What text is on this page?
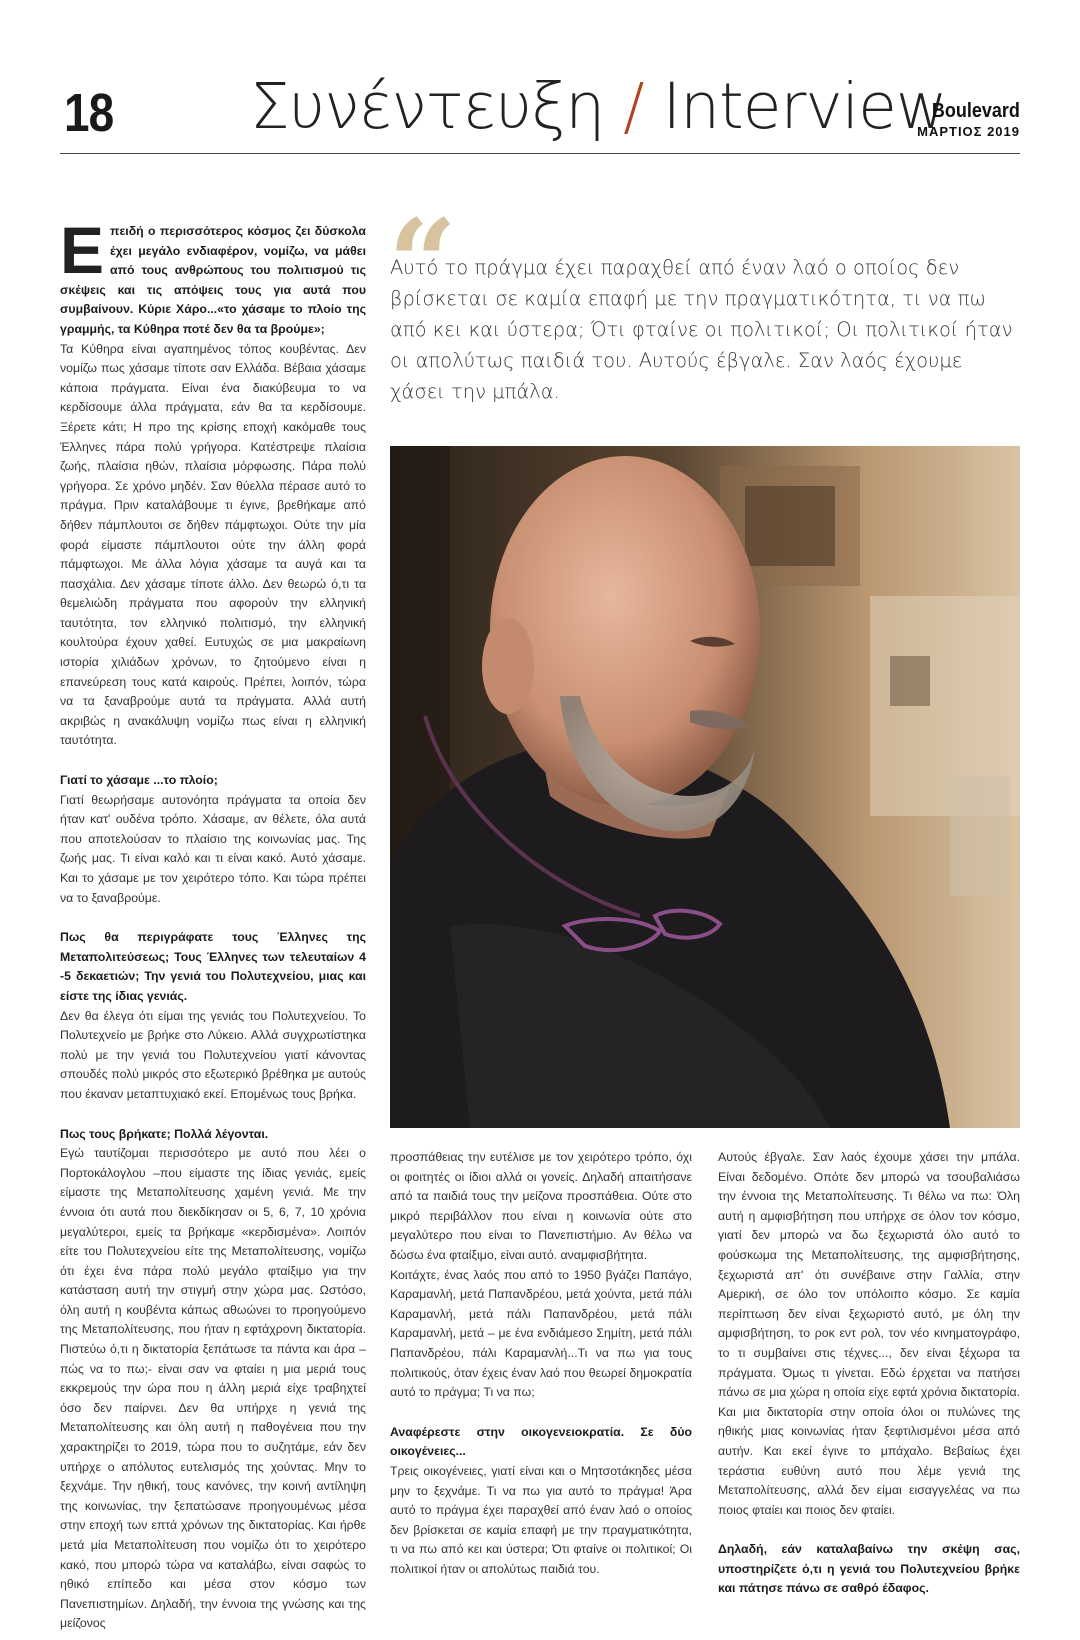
18 Συνέντευξη / Interview
Boulevard
ΜΑΡΤΙΟΣ 2019
Ε πειδή ο περισσότερος κόσμος ζει δύσκολα έχει μεγάλο ενδιαφέρον, νομίζω, να μάθει από τους ανθρώπους του πολιτισμού τις σκέψεις και τις απόψεις τους για αυτά που συμβαίνουν. Κύριε Χάρο...«το χάσαμε το πλοίο της γραμμής, τα Κύθηρα ποτέ δεν θα τα βρούμε»;

Τα Κύθηρα είναι αγαπημένος τόπος κουβέντας. Δεν νομίζω πως χάσαμε τίποτε σαν Ελλάδα. Βέβαια χάσαμε κάποια πράγματα. Είναι ένα διακύβευμα το να κερδίσουμε άλλα πράγματα, εάν θα τα κερδίσουμε. Ξέρετε κάτι; Η προ της κρίσης εποχή κακόμαθε τους Έλληνες πάρα πολύ γρήγορα. Κατέστρεψε πλαίσια ζωής, πλαίσια ηθών, πλαίσια μόρφωσης. Πάρα πολύ γρήγορα. Σε χρόνο μηδέν. Σαν θύελλα πέρασε αυτό το πράγμα. Πριν καταλάβουμε τι έγινε, βρεθήκαμε από δήθεν πάμπλουτοι σε δήθεν πάμφτωχοι. Ούτε την μία φορά είμαστε πάμπλουτοι ούτε την άλλη φορά πάμφτωχοι. Με άλλα λόγια χάσαμε τα αυγά και τα πασχάλια. Δεν χάσαμε τίποτε άλλο. Δεν θεωρώ ό,τι τα θεμελιώδη πράγματα που αφορούν την ελληνική ταυτότητα, τον ελληνικό πολιτισμό, την ελληνική κουλτούρα έχουν χαθεί. Ευτυχώς σε μια μακραίωνη ιστορία χιλιάδων χρόνων, το ζητούμενο είναι η επανεύρεση τους κατά καιρούς. Πρέπει, λοιπόν, τώρα να τα ξαναβρούμε αυτά τα πράγματα. Αλλά αυτή ακριβώς η ανακάλυψη νομίζω πως είναι η ελληνική ταυτότητα.

Γιατί το χάσαμε ...το πλοίο;

Γιατί θεωρήσαμε αυτονόητα πράγματα τα οποία δεν ήταν κατ' ουδένα τρόπο. Χάσαμε, αν θέλετε, όλα αυτά που αποτελούσαν το πλαίσιο της κοινωνίας μας. Της ζωής μας. Τι είναι καλό και τι είναι κακό. Αυτό χάσαμε. Και το χάσαμε με τον χειρότερο τόπο. Και τώρα πρέπει να το ξαναβρούμε.

Πως θα περιγράφατε τους Έλληνες της Μεταπολιτεύσεως; Τους Έλληνες των τελευταίων 4 -5 δεκαετιών; Την γενιά του Πολυτεχνείου, μιας και είστε της ίδιας γενιάς.

Δεν θα έλεγα ότι είμαι της γενιάς του Πολυτεχνείου. Το Πολυτεχνείο με βρήκε στο Λύκειο. Αλλά συγχρωτίστηκα πολύ με την γενιά του Πολυτεχνείου γιατί κάνοντας σπουδές πολύ μικρός στο εξωτερικό βρέθηκα με αυτούς που έκαναν μεταπτυχιακό εκεί. Επομένως τους βρήκα.

Πως τους βρήκατε; Πολλά λέγονται.

Εγώ ταυτίζομαι περισσότερο με αυτό που λέει ο Πορτοκάλογλου –που είμαστε της ίδιας γενιάς, εμείς είμαστε της Μεταπολίτευσης χαμένη γενιά. Με την έννοια ότι αυτά που διεκδίκησαν οι 5, 6, 7, 10 χρόνια μεγαλύτεροι, εμείς τα βρήκαμε «κερδισμένα». Λοιπόν είτε του Πολυτεχνείου είτε της Μεταπολίτευσης, νομίζω ότι έχει ένα πάρα πολύ μεγάλο φταίξιμο για την κατάσταση αυτή την στιγμή στην χώρα μας. Ωστόσο, όλη αυτή η κουβέντα κάπως αθωώνει το προηγούμενο της Μεταπολίτευσης, που ήταν η εφτάχρονη δικτατορία. Πιστεύω ό,τι η δικτατορία ξεπάτωσε τα πάντα και άρα –πώς να το πω;- είναι σαν να φταίει η μια μεριά τους εκκρεμούς την ώρα που η άλλη μεριά είχε τραβηχτεί όσο δεν παίρνει. Δεν θα υπήρχε η γενιά της Μεταπολίτευσης και όλη αυτή η παθογένεια που την χαρακτηρίζει το 2019, τώρα που το συζητάμε, εάν δεν υπήρχε ο απόλυτος ευτελισμός της χούντας. Μην το ξεχνάμε. Την ηθική, τους κανόνες, την κοινή αντίληψη της κοινωνίας, την ξεπατώσανε προηγουμένως μέσα στην εποχή των επτά χρόνων της δικτατορίας. Και ήρθε μετά μία Μεταπολίτευση που νομίζω ότι το χειρότερο κακό, που μπορώ τώρα να καταλάβω, είναι σαφώς το ηθικό επίπεδο και μέσα στον κόσμο των Πανεπιστημίων. Δηλαδή, την έννοια της γνώσης και της μείζονος

“
Αυτό το πράγμα έχει παραχθεί από έναν λαό ο οποίος δεν βρίσκεται σε καμία επαφή με την πραγματικότητα, τι να πω από κει και ύστερα; Ότι φταίνε οι πολιτικοί; Οι πολιτικοί ήταν οι απολύτως παιδιά του. Αυτούς έβγαλε. Σαν λαός έχουμε χάσει την μπάλα.

προσπάθειας την ευτέλισε με τον χειρότερο τρόπο, όχι οι φοιτητές οι ίδιοι αλλά οι γονείς. Δηλαδή απαιτήσανε από τα παιδιά τους την μείζονα προσπάθεια. Ούτε στο μικρό περιβάλλον που είναι η κοινωνία ούτε στο μεγαλύτερο που είναι το Πανεπιστήμιο. Αν θέλω να δώσω ένα φταίξιμο, είναι αυτό. αναμφισβήτητα.

Κοιτάχτε, ένας λαός που από το 1950 βγάζει Παπάγο, Καραμανλή, μετά Παπανδρέου, μετά χούντα, μετά πάλι Καραμανλή, μετά πάλι Παπανδρέου, μετά πάλι Καραμανλή, μετά – με ένα ενδιάμεσο Σημίτη, μετά πάλι Παπανδρέου, πάλι Καραμανλή...Τι να πω για τους πολιτικούς, όταν έχεις έναν λαό που θεωρεί δημοκρατία αυτό το πράγμα; Τι να πω;

Αναφέρεστε στην οικογενειοκρατία. Σε δύο οικογένειες...

Τρεις οικογένειες, γιατί είναι και ο Μητσοτάκηδες μέσα μην το ξεχνάμε. Τι να πω για αυτό το πράγμα! Άρα αυτό το πράγμα έχει παραχθεί από έναν λαό ο οποίος δεν βρίσκεται σε καμία επαφή με την πραγματικότητα, τι να πω από κει και ύστερα; Ότι φταίνε οι πολιτικοί; Οι πολιτικοί ήταν οι απολύτως παιδιά του.

Αυτούς έβγαλε. Σαν λαός έχουμε χάσει την μπάλα. Είναι δεδομένο. Οπότε δεν μπορώ να τσουβαλιάσω την έννοια της Μεταπολίτευσης. Τι θέλω να πω: Όλη αυτή η αμφισβήτηση που υπήρχε σε όλον τον κόσμο, γιατί δεν μπορώ να δω ξεχωριστά όλο αυτό το φούσκωμα της Μεταπολίτευσης, της αμφισβήτησης, ξεχωριστά απ' ότι συνέβαινε στην Γαλλία, στην Αμερική, σε όλο τον υπόλοιπο κόσμο. Σε καμία περίπτωση δεν είναι ξεχωριστό αυτό, με όλη την αμφισβήτηση, το ροκ εντ ρολ, τον νέο κινηματογράφο, το τι συμβαίνει στις τέχνες..., δεν είναι ξέχωρα τα πράγματα. Όμως τι γίνεται. Εδώ έρχεται να πατήσει πάνω σε μια χώρα η οποία είχε εφτά χρόνια δικτατορία. Και μια δικτατορία στην οποία όλοι οι πυλώνες της ηθικής μιας κοινωνίας ήταν ξεφτιλισμένοι μέσα από αυτήν. Και εκεί έγινε το μπάχαλο. Βεβαίως έχει τεράστια ευθύνη αυτό που λέμε γενιά της Μεταπολίτευσης, αλλά δεν είμαι εισαγγελέας να πω ποιος φταίει και ποιος δεν φταίει.

Δηλαδή, εάν καταλαβαίνω την σκέψη σας, υποστηρίζετε ό,τι η γενιά του Πολυτεχνείου βρήκε και πάτησε πάνω σε σαθρό έδαφος.
